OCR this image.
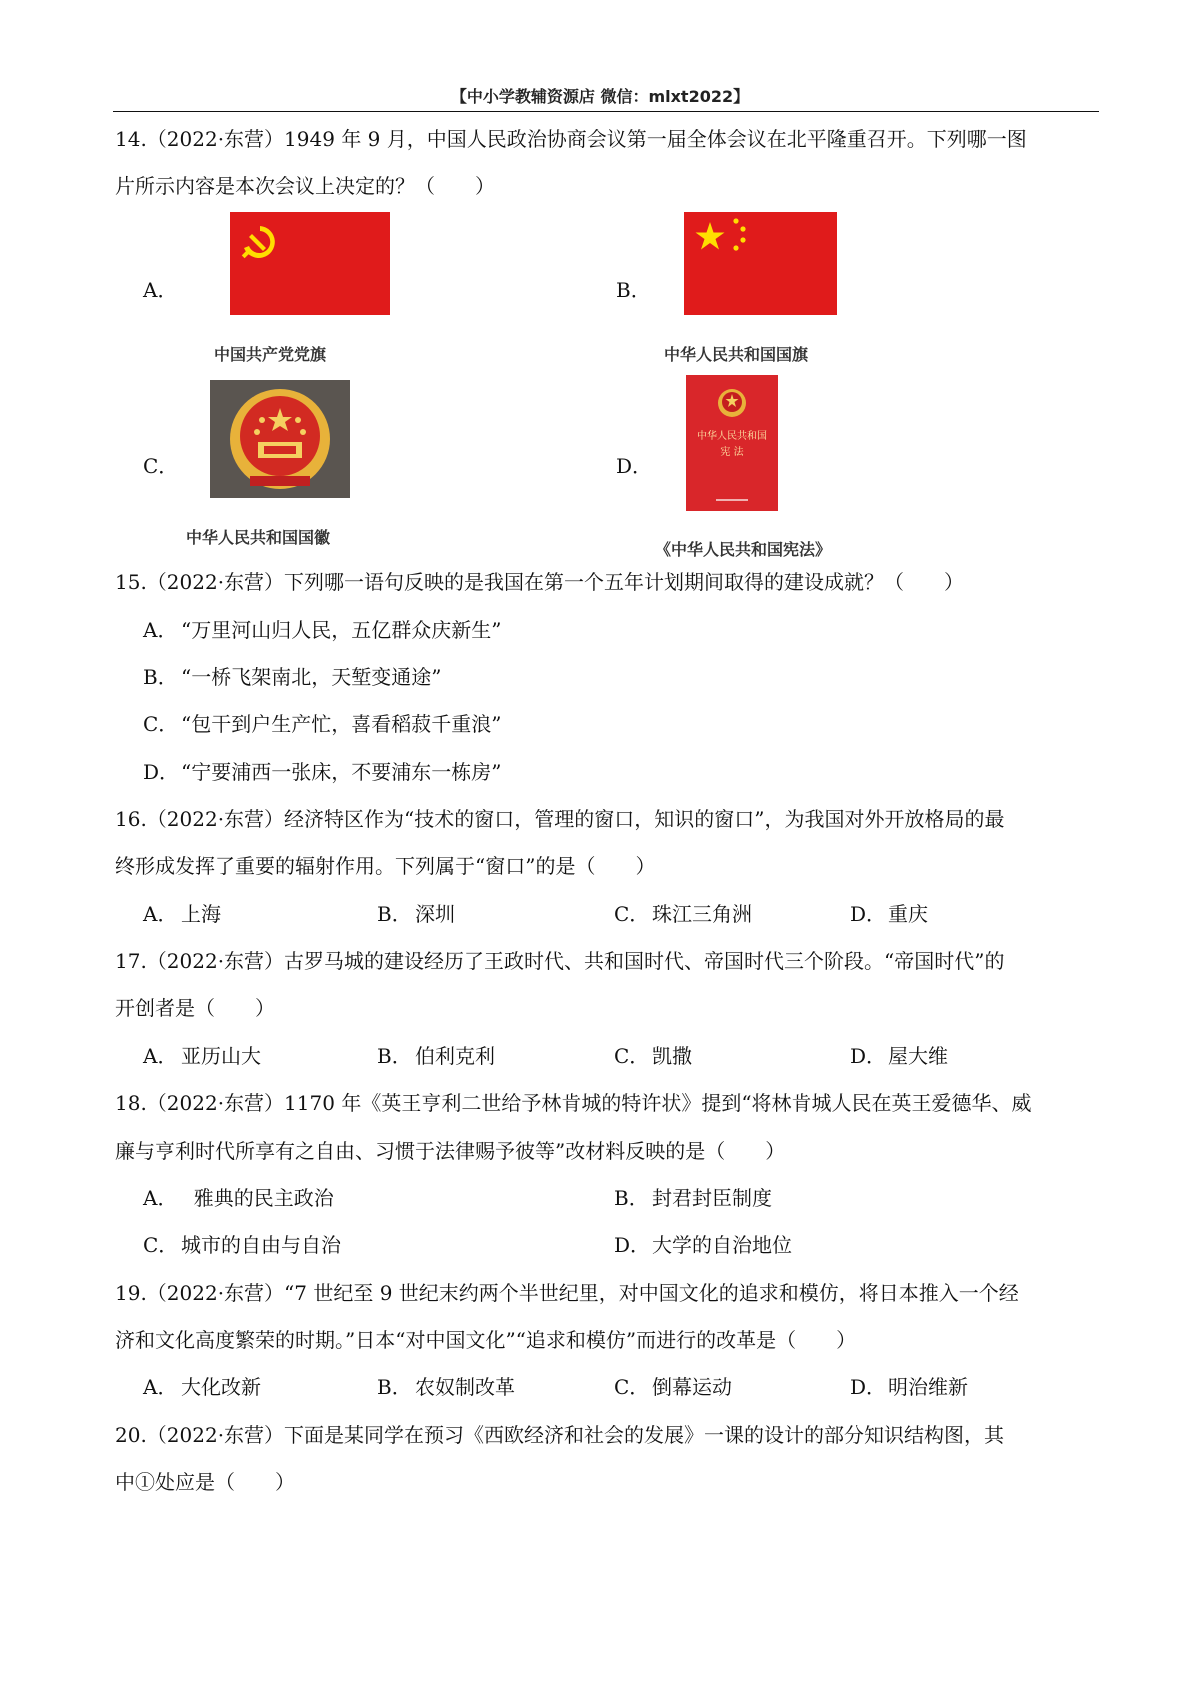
【中小学教辅资源店 微信：mlxt2022】
14.（2022·东营）1949 年 9 月，中国人民政治协商会议第一届全体会议在北平隆重召开。下列哪一图
片所示内容是本次会议上决定的？（　　）
A．
中国共产党党旗
B．
中华人民共和国国旗
C．
中华人民共和国国徽
D．
中华人民共和国
宪 法
《中华人民共和国宪法》
15.（2022·东营）下列哪一语句反映的是我国在第一个五年计划期间取得的建设成就？（　　）
A． “万里河山归人民，五亿群众庆新生”
B． “一桥飞架南北，天堑变通途”
C． “包干到户生产忙，喜看稻菽千重浪”
D．“宁要浦西一张床，不要浦东一栋房”
16.（2022·东营）经济特区作为“技术的窗口，管理的窗口，知识的窗口”，为我国对外开放格局的最
终形成发挥了重要的辐射作用。下列属于“窗口”的是（　　）
A． 上海	B． 深圳	C． 珠江三角洲	D．重庆
17.（2022·东营）古罗马城的建设经历了王政时代、共和国时代、帝国时代三个阶段。“帝国时代”的
开创者是（　　）
A． 亚历山大	B． 伯利克利	C． 凯撒	D．屋大维
18.（2022·东营）1170 年《英王亨利二世给予林肯城的特许状》提到“将林肯城人民在英王爱德华、威
廉与亨利时代所享有之自由、习惯于法律赐予彼等”改材料反映的是（　　）
A．  雅典的民主政治	B． 封君封臣制度
C． 城市的自由与自治	D．大学的自治地位
19.（2022·东营）“7 世纪至 9 世纪末约两个半世纪里，对中国文化的追求和模仿，将日本推入一个经
济和文化高度繁荣的时期。”日本“对中国文化”“追求和模仿”而进行的改革是（　　）
A． 大化改新	B． 农奴制改革	C． 倒幕运动	D．明治维新
20.（2022·东营）下面是某同学在预习《西欧经济和社会的发展》一课的设计的部分知识结构图，其
中①处应是（　　）
